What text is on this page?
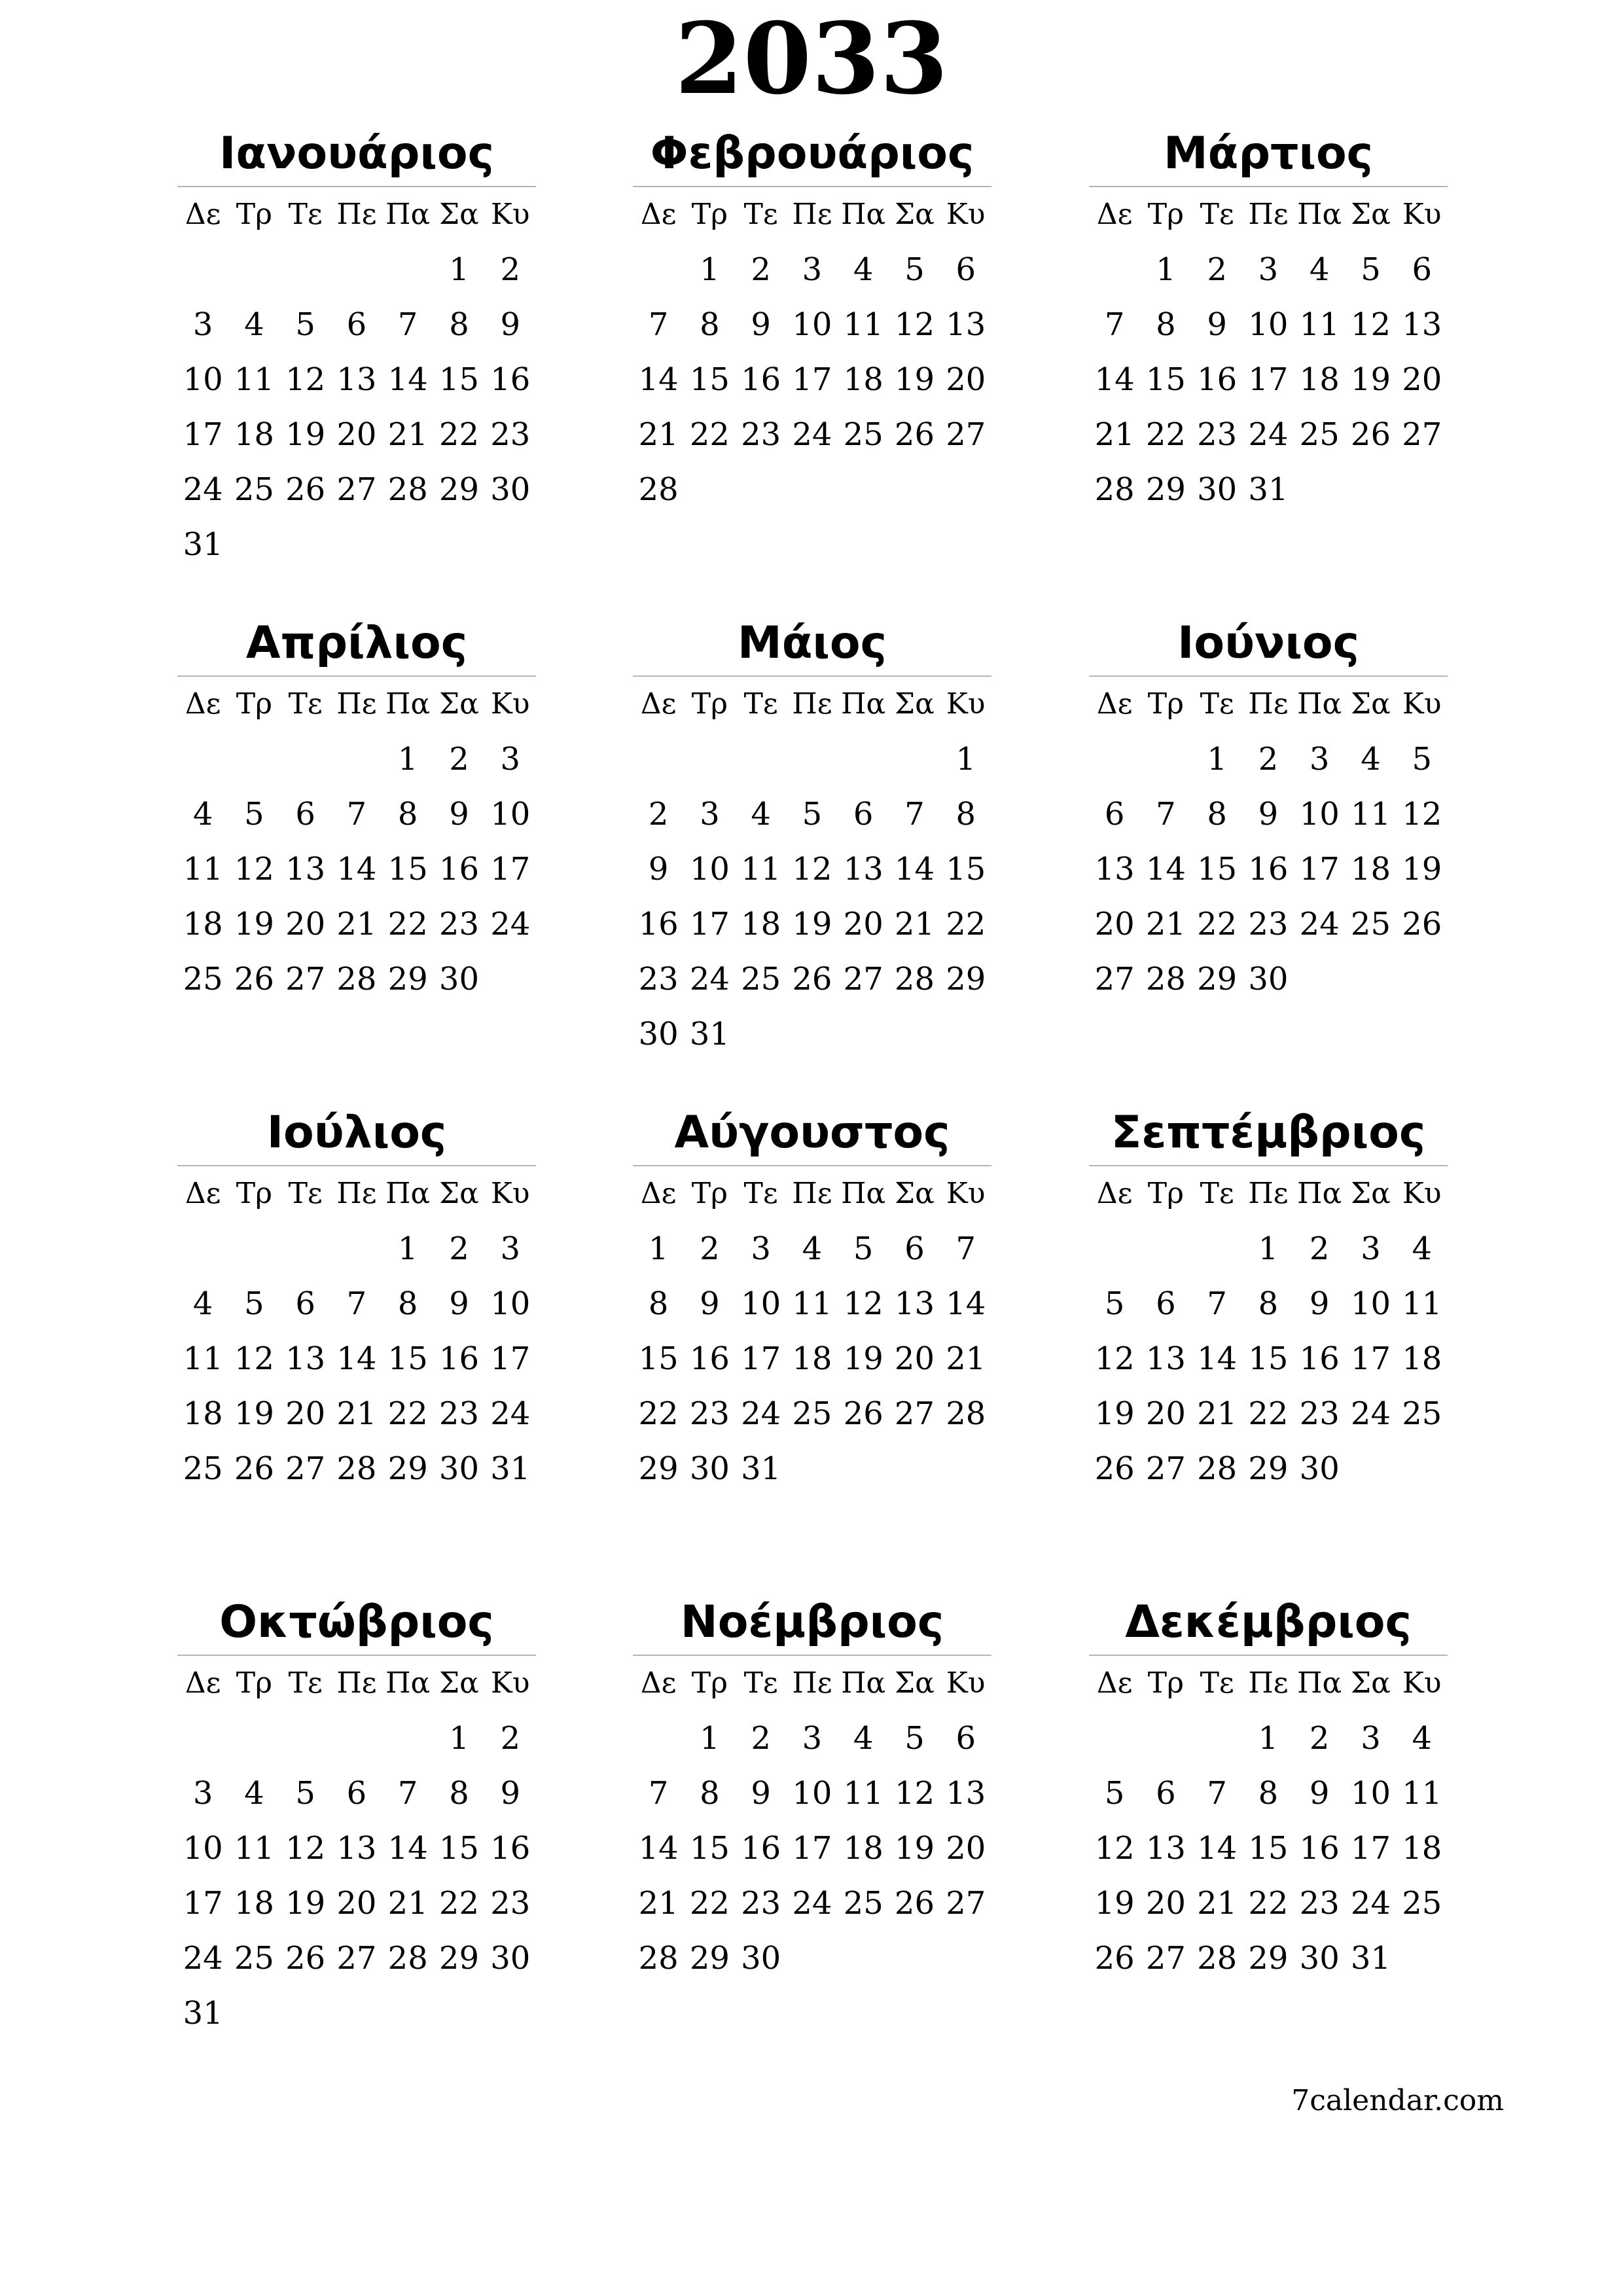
2033
Ιανουάριος
Δε Τρ Τε Πε Πα Σα Κυ
1 2
3 4 5 6 7 8 9
10 11 12 13 14 15 16
17 18 19 20 21 22 23
24 25 26 27 28 29 30
31
Φεβρουάριος
Δε Τρ Τε Πε Πα Σα Κυ
1 2 3 4 5 6
7 8 9 10 11 12 13
14 15 16 17 18 19 20
21 22 23 24 25 26 27
28
Μάρτιος
Δε Τρ Τε Πε Πα Σα Κυ
1 2 3 4 5 6
7 8 9 10 11 12 13
14 15 16 17 18 19 20
21 22 23 24 25 26 27
28 29 30 31
Απρίλιος
Δε Τρ Τε Πε Πα Σα Κυ
1 2 3
4 5 6 7 8 9 10
11 12 13 14 15 16 17
18 19 20 21 22 23 24
25 26 27 28 29 30
Μάιος
Δε Τρ Τε Πε Πα Σα Κυ
1
2 3 4 5 6 7 8
9 10 11 12 13 14 15
16 17 18 19 20 21 22
23 24 25 26 27 28 29
30 31
Ιούνιος
Δε Τρ Τε Πε Πα Σα Κυ
1 2 3 4 5
6 7 8 9 10 11 12
13 14 15 16 17 18 19
20 21 22 23 24 25 26
27 28 29 30
Ιούλιος
Δε Τρ Τε Πε Πα Σα Κυ
1 2 3
4 5 6 7 8 9 10
11 12 13 14 15 16 17
18 19 20 21 22 23 24
25 26 27 28 29 30 31
Αύγουστος
Δε Τρ Τε Πε Πα Σα Κυ
1 2 3 4 5 6 7
8 9 10 11 12 13 14
15 16 17 18 19 20 21
22 23 24 25 26 27 28
29 30 31
Σεπτέμβριος
Δε Τρ Τε Πε Πα Σα Κυ
1 2 3 4
5 6 7 8 9 10 11
12 13 14 15 16 17 18
19 20 21 22 23 24 25
26 27 28 29 30
Οκτώβριος
Δε Τρ Τε Πε Πα Σα Κυ
1 2
3 4 5 6 7 8 9
10 11 12 13 14 15 16
17 18 19 20 21 22 23
24 25 26 27 28 29 30
31
Νοέμβριος
Δε Τρ Τε Πε Πα Σα Κυ
1 2 3 4 5 6
7 8 9 10 11 12 13
14 15 16 17 18 19 20
21 22 23 24 25 26 27
28 29 30
Δεκέμβριος
Δε Τρ Τε Πε Πα Σα Κυ
1 2 3 4
5 6 7 8 9 10 11
12 13 14 15 16 17 18
19 20 21 22 23 24 25
26 27 28 29 30 31
7calendar.com
